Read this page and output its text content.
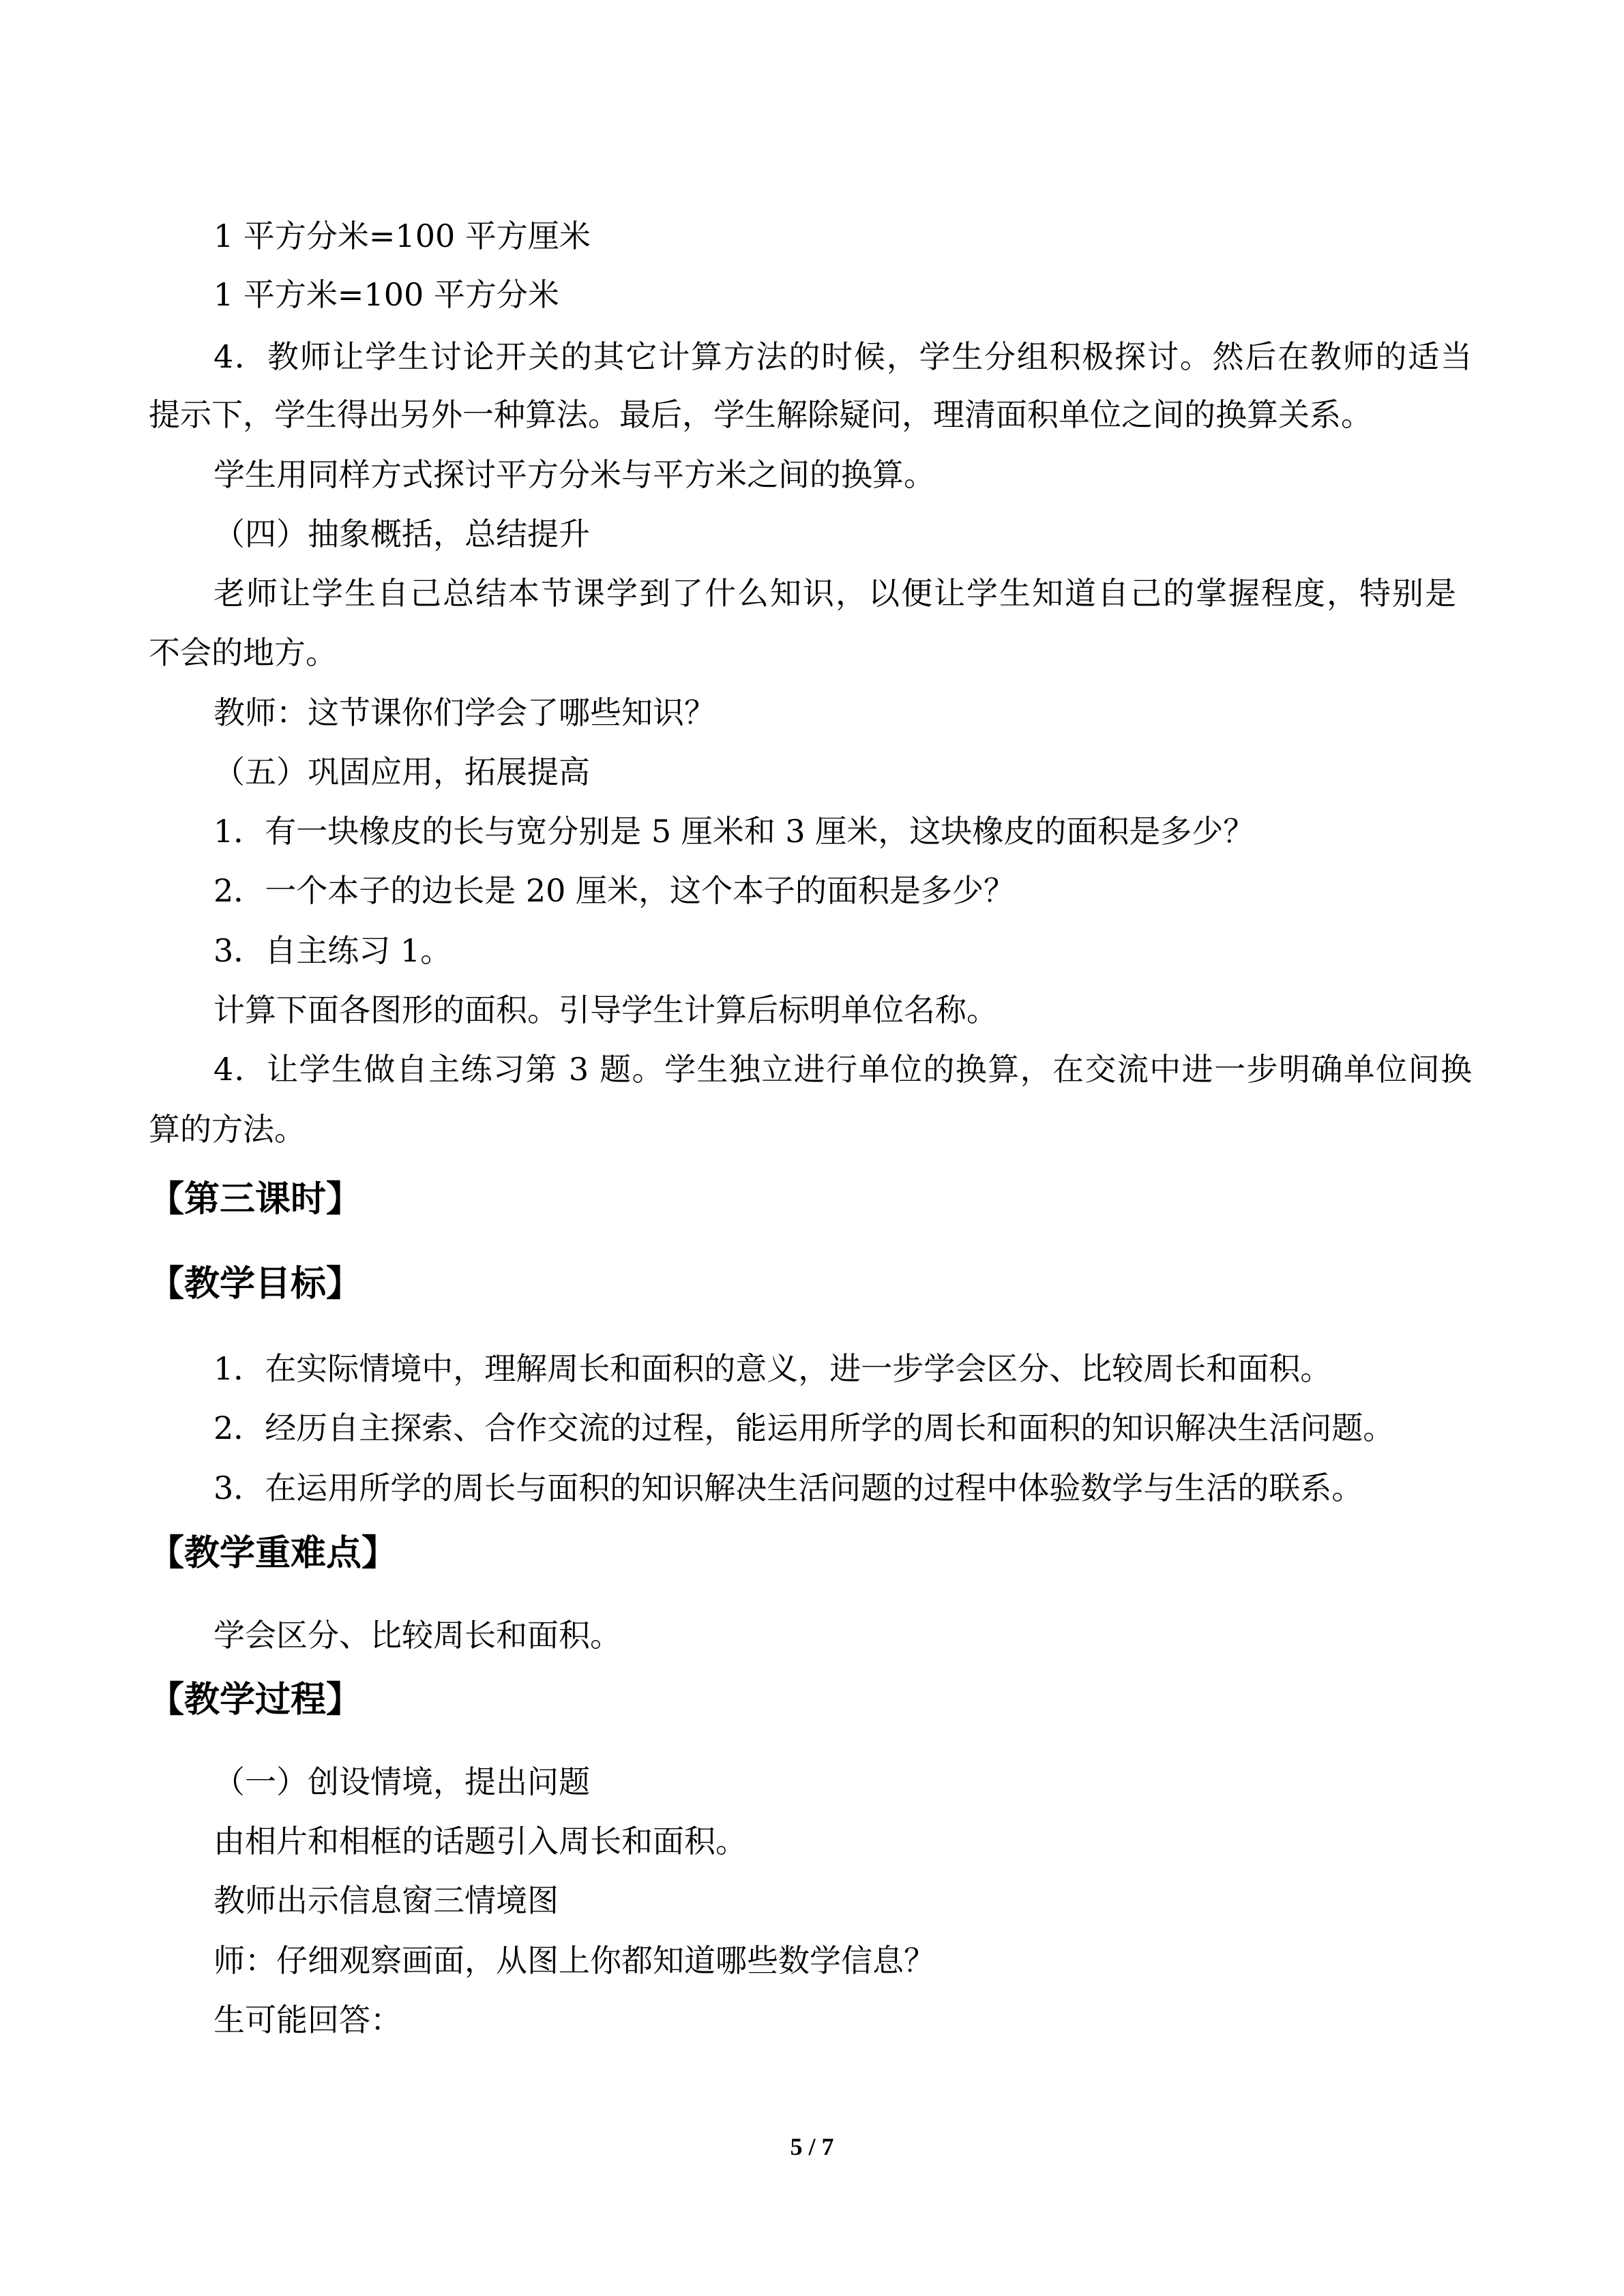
1 平方分米=100 平方厘米
1 平方米=100 平方分米
4．教师让学生讨论开关的其它计算方法的时候，学生分组积极探讨。然后在教师的适当
提示下，学生得出另外一种算法。最后，学生解除疑问，理清面积单位之间的换算关系。
学生用同样方式探讨平方分米与平方米之间的换算。
（四）抽象概括，总结提升
老师让学生自己总结本节课学到了什么知识，以便让学生知道自己的掌握程度，特别是
不会的地方。
教师：这节课你们学会了哪些知识？
（五）巩固应用，拓展提高
1．有一块橡皮的长与宽分别是 5 厘米和 3 厘米，这块橡皮的面积是多少？
2．一个本子的边长是 20 厘米，这个本子的面积是多少？
3．自主练习 1。
计算下面各图形的面积。引导学生计算后标明单位名称。
4．让学生做自主练习第 3 题。学生独立进行单位的换算，在交流中进一步明确单位间换
算的方法。
【第三课时】
【教学目标】
1．在实际情境中，理解周长和面积的意义，进一步学会区分、比较周长和面积。
2．经历自主探索、合作交流的过程，能运用所学的周长和面积的知识解决生活问题。
3．在运用所学的周长与面积的知识解决生活问题的过程中体验数学与生活的联系。
【教学重难点】
学会区分、比较周长和面积。
【教学过程】
（一）创设情境，提出问题
由相片和相框的话题引入周长和面积。
教师出示信息窗三情境图
师：仔细观察画面，从图上你都知道哪些数学信息？
生可能回答：
5 / 7
